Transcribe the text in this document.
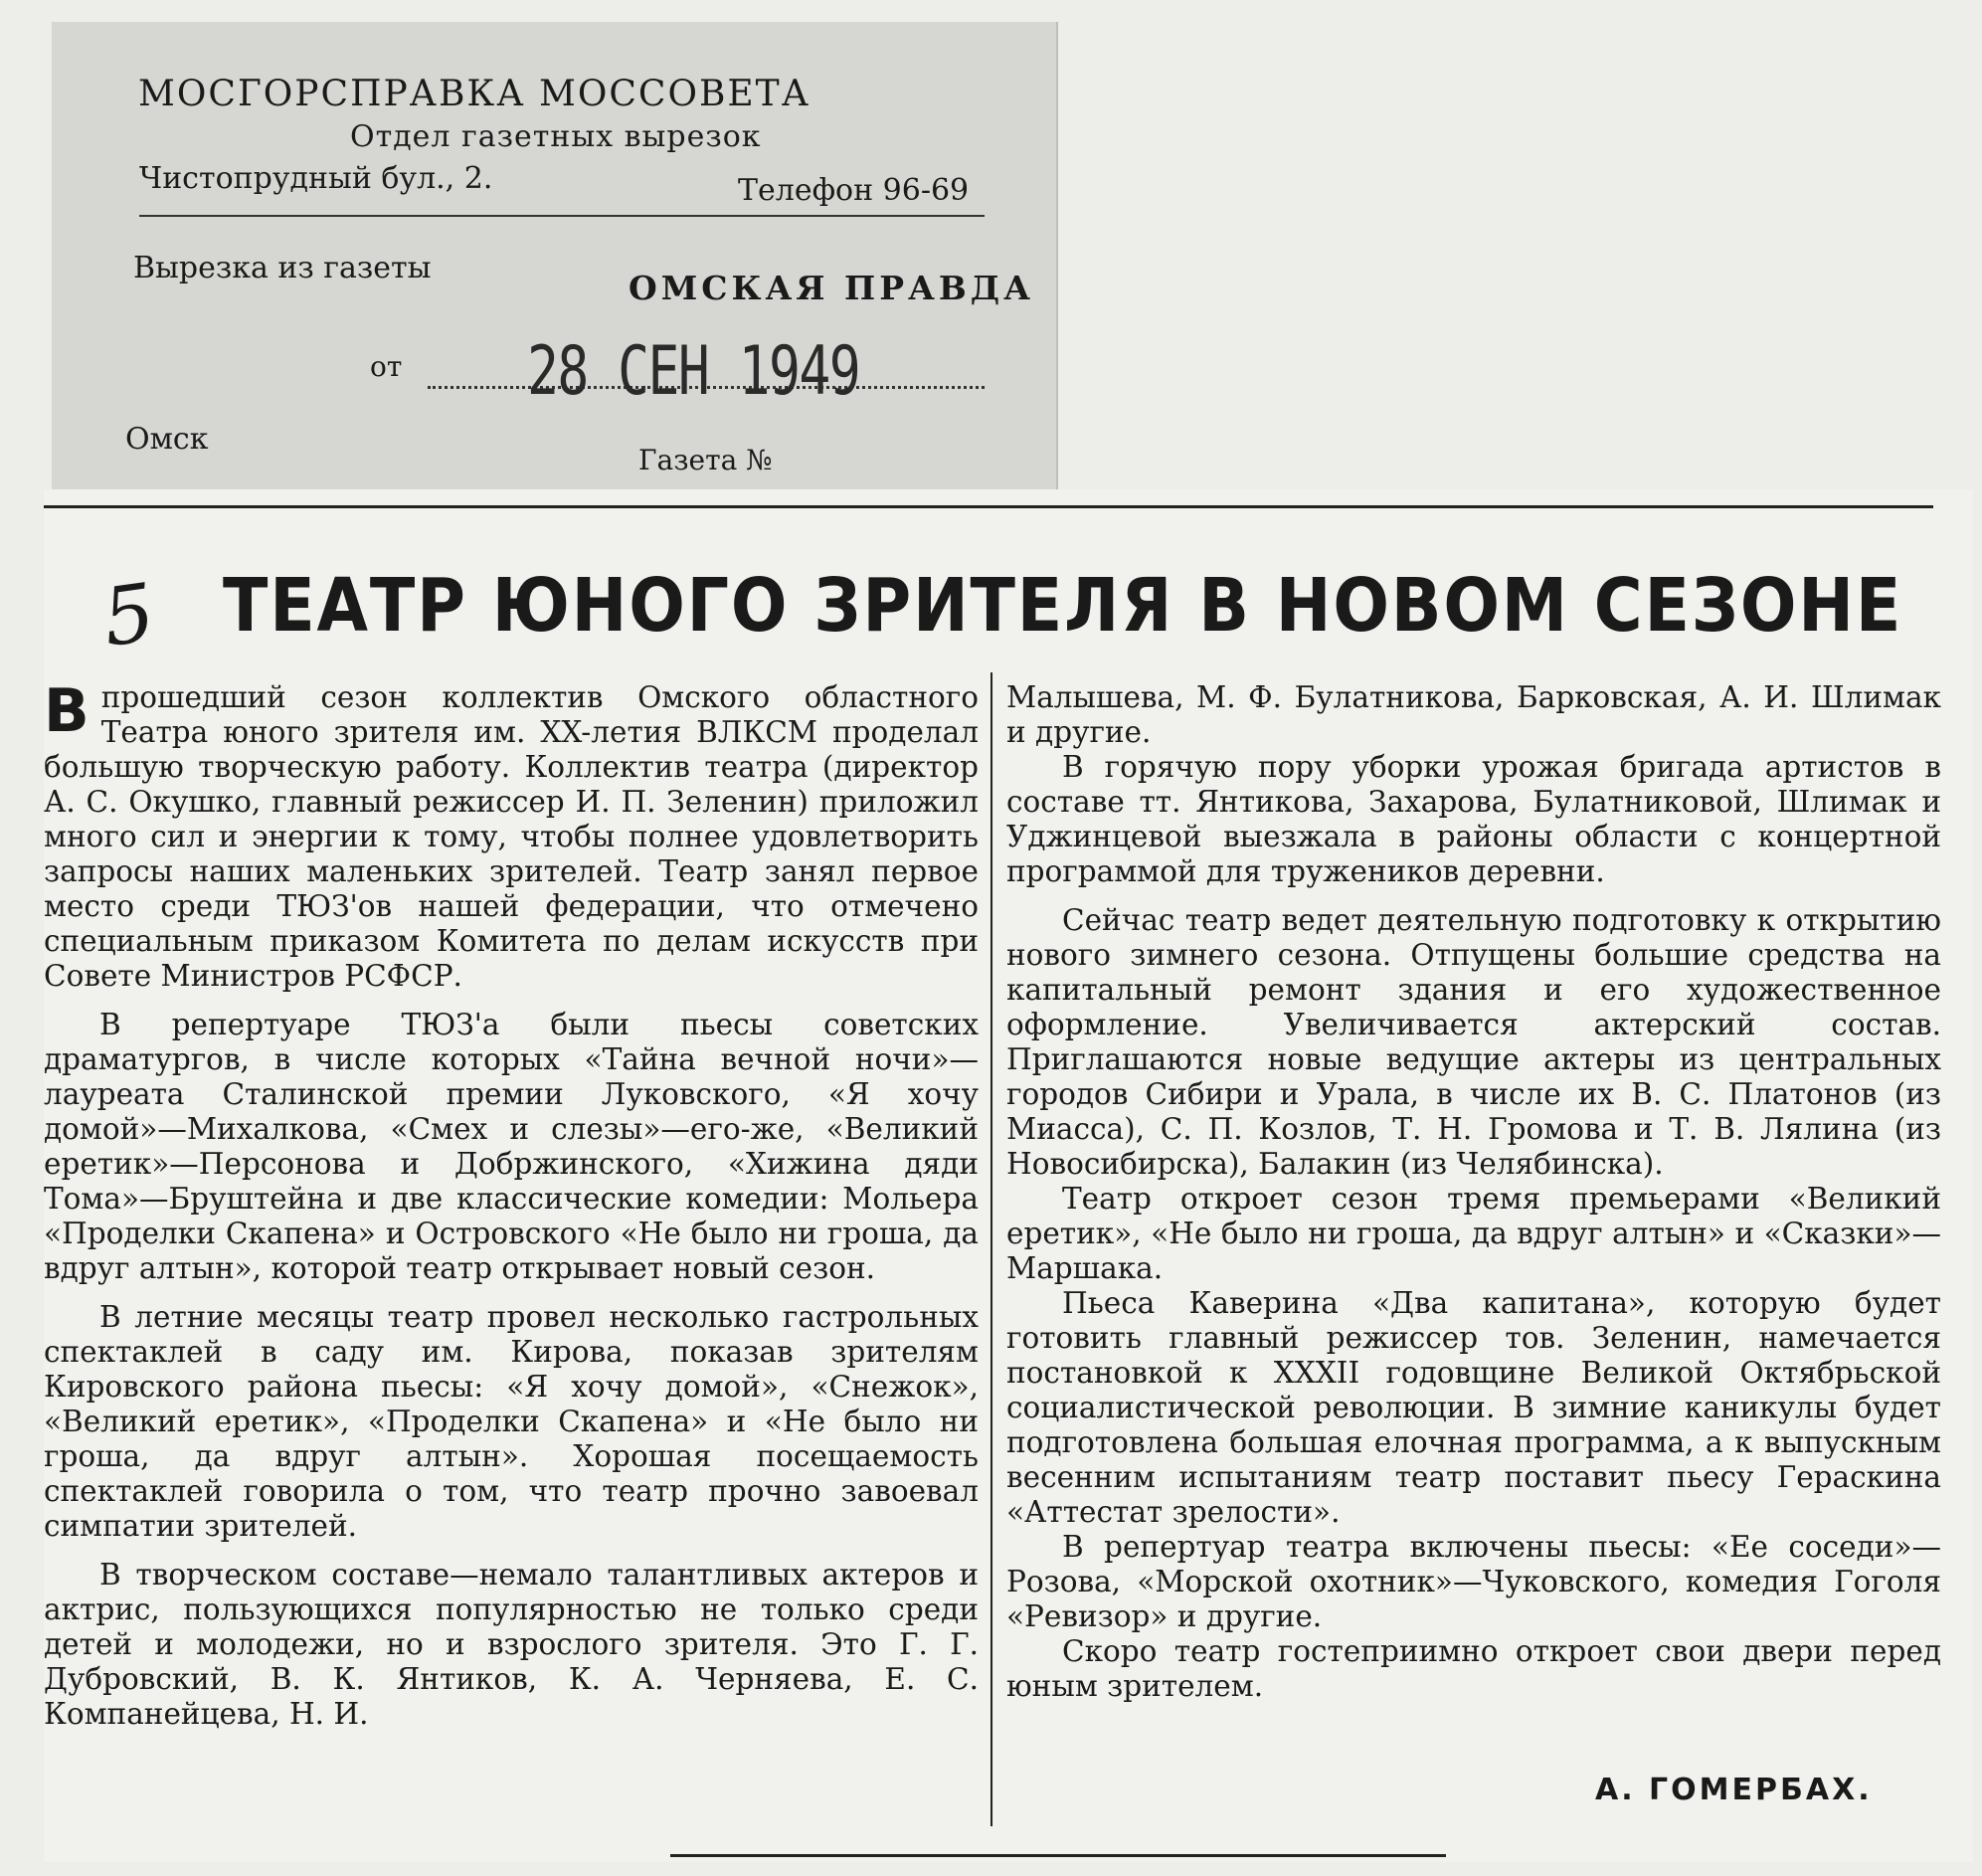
МОСГОРСПРАВКА МОССОВЕТА
Отдел газетных вырезок
Чистопрудный бул., 2.	Телефон 96-69
Вырезка из газеты
ОМСКАЯ ПРАВДА
от 28 СЕН 1949
Омск
Газета №
5 ТЕАТР ЮНОГО ЗРИТЕЛЯ В НОВОМ СЕЗОНЕ

Впрошедший сезон коллектив Омского областного Театра юного зрителя им. XX-летия ВЛКСМ проделал большую творческую работу. Коллектив театра (директор А. С. Окушко, главный режиссер И. П. Зеленин) приложил много сил и энергии к тому, чтобы полнее удовлетворить запросы наших маленьких зрителей. Театр занял первое место среди ТЮЗ'ов нашей федерации, что отмечено специальным приказом Комитета по делам искусств при Совете Министров РСФСР.

В репертуаре ТЮЗ'а были пьесы советских драматургов, в числе которых «Тайна вечной ночи»—лауреата Сталинской премии Луковского, «Я хочу домой»—Михалкова, «Смех и слезы»—его-же, «Великий еретик»—Персонова и Добржинского, «Хижина дяди Тома»—Бруштейна и две классические комедии: Мольера «Проделки Скапена» и Островского «Не было ни гроша, да вдруг алтын», которой театр открывает новый сезон.

В летние месяцы театр провел несколько гастрольных спектаклей в саду им. Кирова, показав зрителям Кировского района пьесы: «Я хочу домой», «Снежок», «Великий еретик», «Проделки Скапена» и «Не было ни гроша, да вдруг алтын». Хорошая посещаемость спектаклей говорила о том, что театр прочно завоевал симпатии зрителей.

В творческом составе—немало талантливых актеров и актрис, пользующихся популярностью не только среди детей и молодежи, но и взрослого зрителя. Это Г. Г. Дубровский, В. К. Янтиков, К. А. Черняева, Е. С. Компанейцева, Н. И.

Малышева, М. Ф. Булатникова, Барковская, А. И. Шлимак и другие.

В горячую пору уборки урожая бригада артистов в составе тт. Янтикова, Захарова, Булатниковой, Шлимак и Уджинцевой выезжала в районы области с концертной программой для тружеников деревни.

Сейчас театр ведет деятельную подготовку к открытию нового зимнего сезона. Отпущены большие средства на капитальный ремонт здания и его художественное оформление. Увеличивается актерский состав. Приглашаются новые ведущие актеры из центральных городов Сибири и Урала, в числе их В. С. Платонов (из Миасса), С. П. Козлов, Т. Н. Громова и Т. В. Лялина (из Новосибирска), Балакин (из Челябинска).

Театр откроет сезон тремя премьерами «Великий еретик», «Не было ни гроша, да вдруг алтын» и «Сказки»—Маршака.

Пьеса Каверина «Два капитана», которую будет готовить главный режиссер тов. Зеленин, намечается постановкой к XXXII годовщине Великой Октябрьской социалистической революции. В зимние каникулы будет подготовлена большая елочная программа, а к выпускным весенним испытаниям театр поставит пьесу Гераскина «Аттестат зрелости».

В репертуар театра включены пьесы: «Ее соседи»—Розова, «Морской охотник»—Чуковского, комедия Гоголя «Ревизор» и другие.

Скоро театр гостеприимно откроет свои двери перед юным зрителем.

А. ГОМЕРБАХ.
